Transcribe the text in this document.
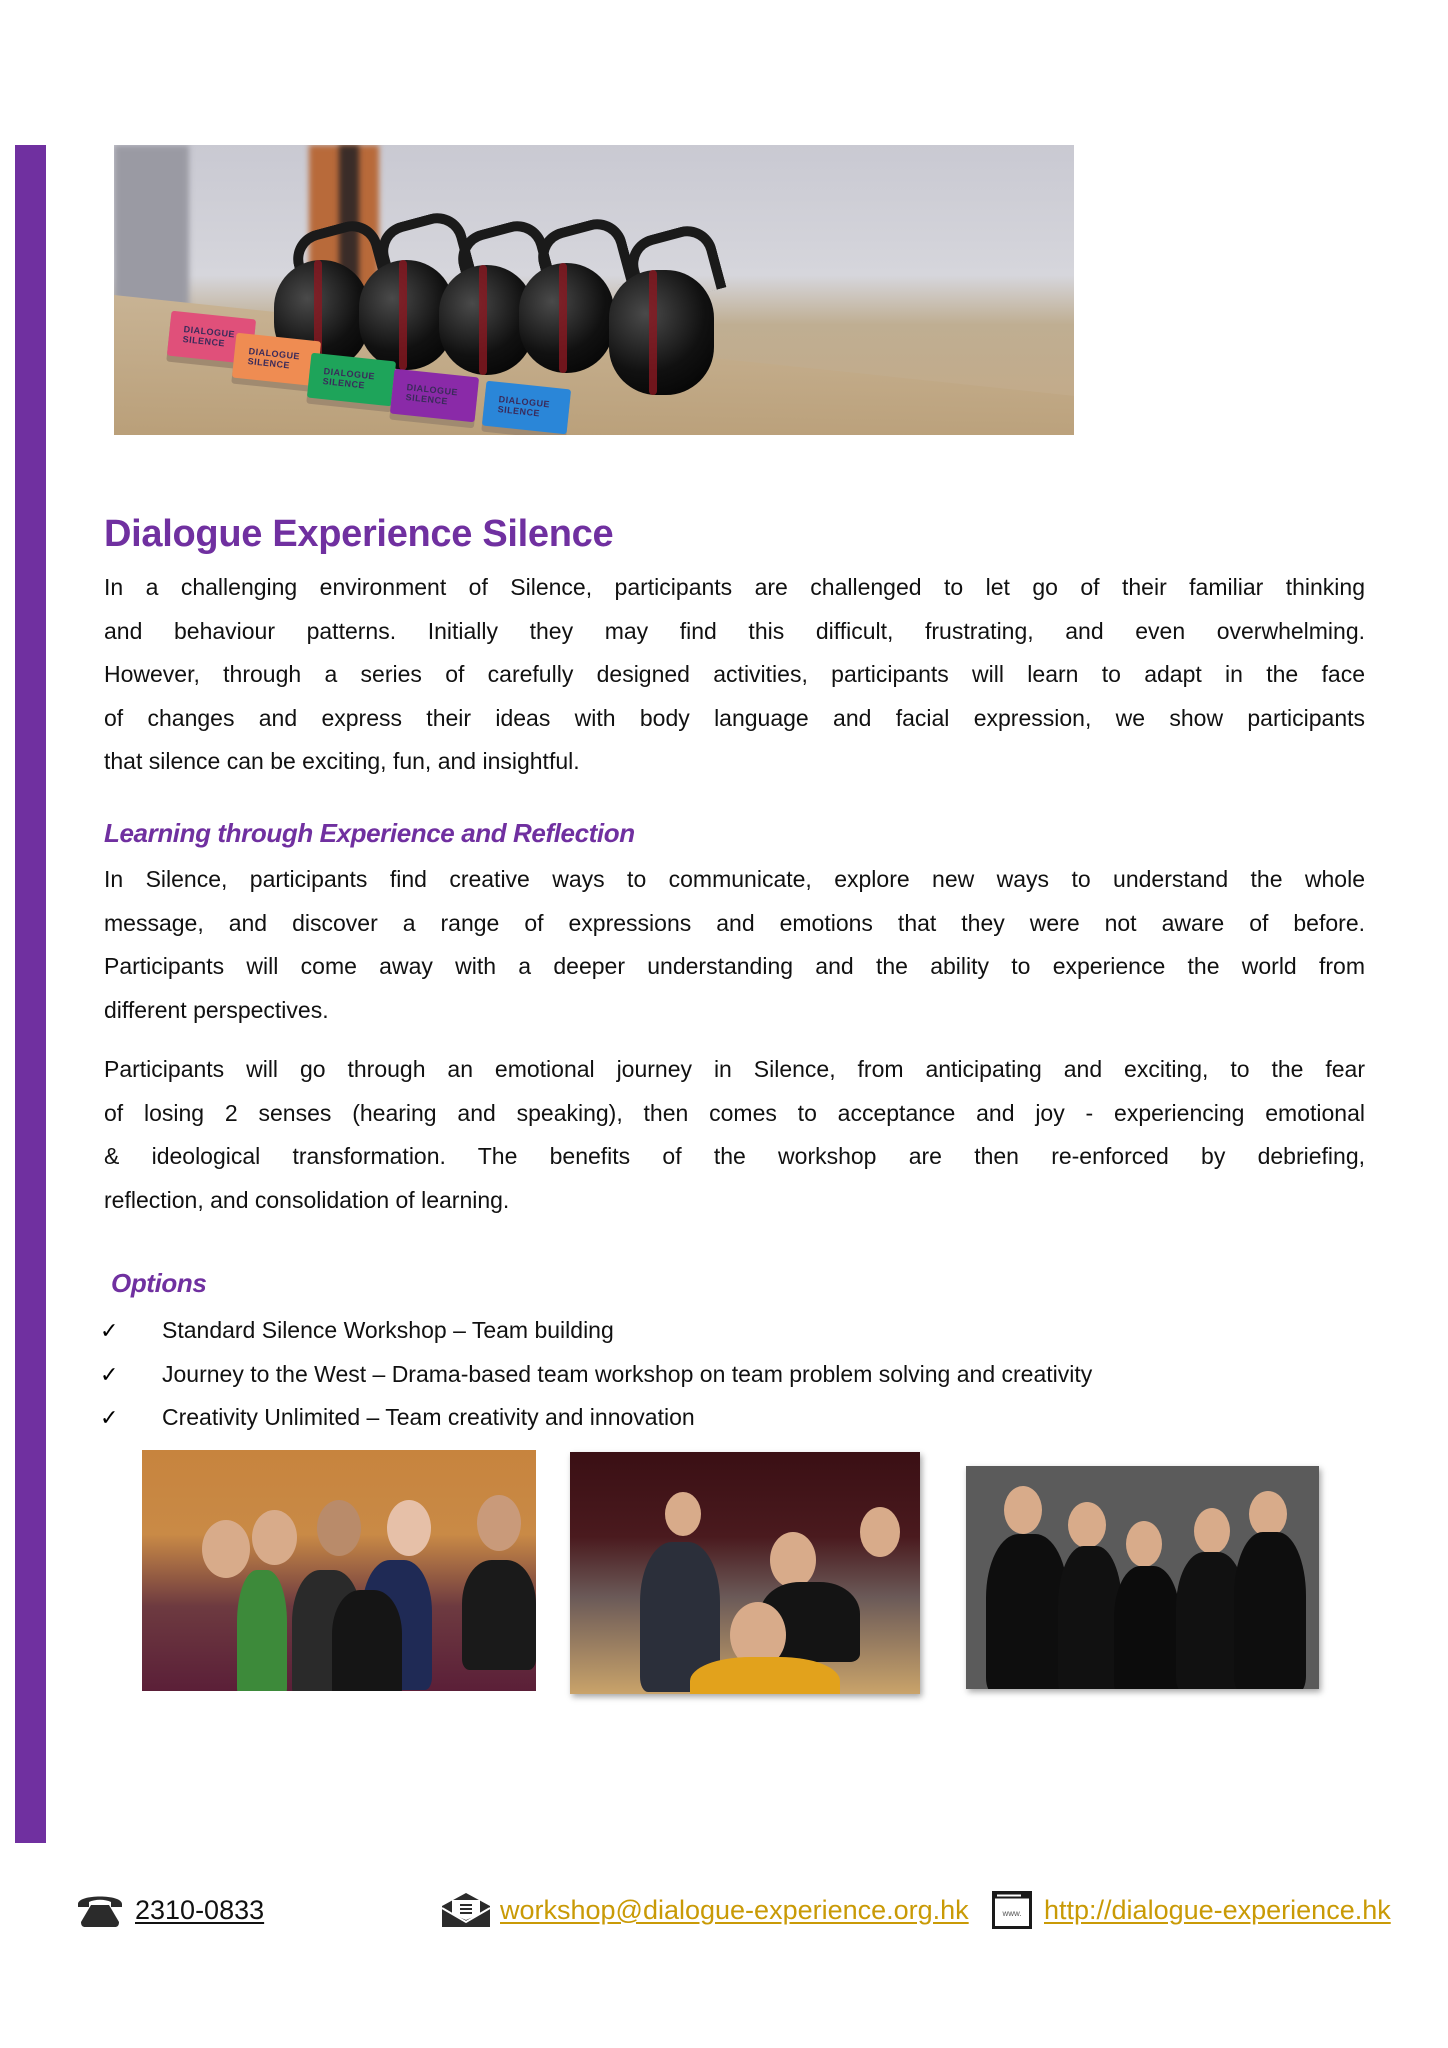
DIALOGUE SILENCE
DIALOGUE SILENCE
DIALOGUE SILENCE	DIALOGUE SILENCE	DIALOGUE SILENCE
Dialogue Experience Silence
In a challenging environment of Silence, participants are challenged to let go of their familiar thinking
and behaviour patterns. Initially they may find this difficult, frustrating, and even overwhelming.
However, through a series of carefully designed activities, participants will learn to adapt in the face
of changes and express their ideas with body language and facial expression, we show participants
that silence can be exciting, fun, and insightful.
Learning through Experience and Reflection
In Silence, participants find creative ways to communicate, explore new ways to understand the whole
message, and discover a range of expressions and emotions that they were not aware of before.
Participants will come away with a deeper understanding and the ability to experience the world from
different perspectives.
Participants will go through an emotional journey in Silence, from anticipating and exciting, to the fear
of losing 2 senses (hearing and speaking), then comes to acceptance and joy - experiencing emotional
& ideological transformation. The benefits of the workshop are then re-enforced by debriefing,
reflection, and consolidation of learning.
Options
✓ Standard Silence Workshop – Team building
✓ Journey to the West – Drama-based team workshop on team problem solving and creativity
✓ Creativity Unlimited – Team creativity and innovation
2310-0833	workshop@dialogue-experience.org.hk	www. http://dialogue-experience.hk
